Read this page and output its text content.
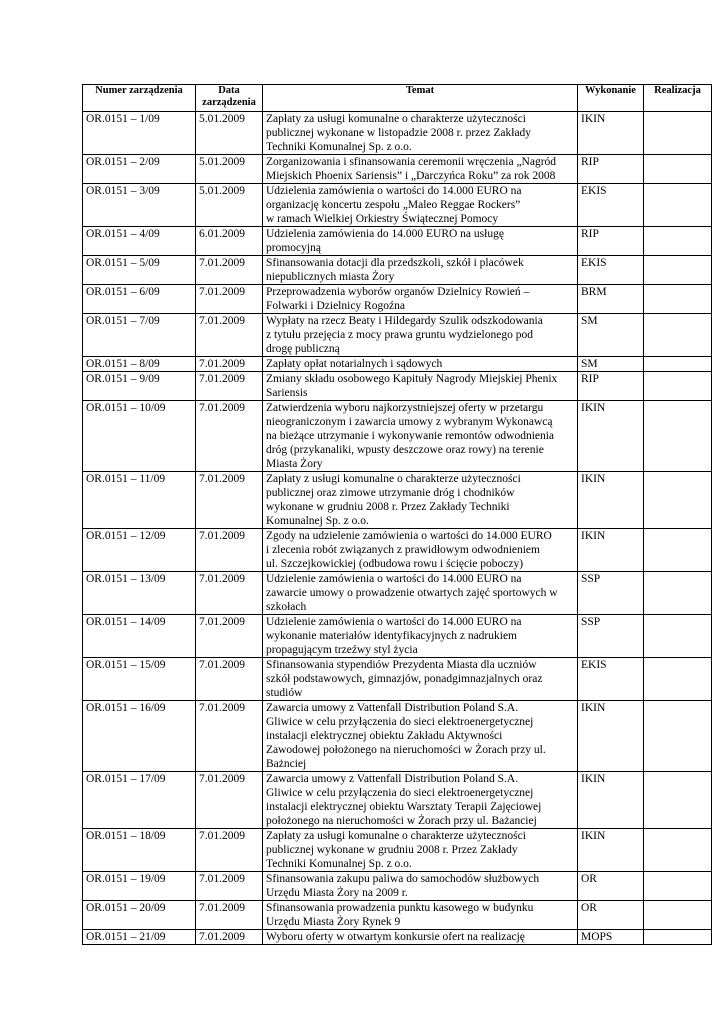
Numer zarządzenia	Data
zarządzenia	Temat	Wykonanie	Realizacja
OR.0151 – 1/09	5.01.2009	Zapłaty za usługi komunalne o charakterze użyteczności
publicznej wykonane w listopadzie 2008 r. przez Zakłady
Techniki Komunalnej Sp. z o.o.	IKIN	
OR.0151 – 2/09	5.01.2009	Zorganizowania i sfinansowania ceremonii wręczenia „Nagród
Miejskich Phoenix Sariensis” i „Darczyńca Roku” za rok 2008	RIP	
OR.0151 – 3/09	5.01.2009	Udzielenia zamówienia o wartości do 14.000 EURO na
organizację koncertu zespołu „Maleo Reggae Rockers”
w ramach Wielkiej Orkiestry Świątecznej Pomocy	EKIS	
OR.0151 – 4/09	6.01.2009	Udzielenia zamówienia do 14.000 EURO na usługę
promocyjną	RIP	
OR.0151 – 5/09	7.01.2009	Sfinansowania dotacji dla przedszkoli, szkół i placówek
niepublicznych miasta Żory	EKIS	
OR.0151 – 6/09	7.01.2009	Przeprowadzenia wyborów organów Dzielnicy Rowień –
Folwarki i Dzielnicy Rogoźna	BRM	
OR.0151 – 7/09	7.01.2009	Wypłaty na rzecz Beaty i Hildegardy Szulik odszkodowania
z tytułu przejęcia z mocy prawa gruntu wydzielonego pod
drogę publiczną	SM	
OR.0151 – 8/09	7.01.2009	Zapłaty opłat notarialnych i sądowych	SM	
OR.0151 – 9/09	7.01.2009	Zmiany składu osobowego Kapituły Nagrody Miejskiej Phenix
Sariensis	RIP	
OR.0151 – 10/09	7.01.2009	Zatwierdzenia wyboru najkorzystniejszej oferty w przetargu
nieograniczonym i zawarcia umowy z wybranym Wykonawcą
na bieżące utrzymanie i wykonywanie remontów odwodnienia
dróg (przykanaliki, wpusty deszczowe oraz rowy) na terenie
Miasta Żory	IKIN	
OR.0151 – 11/09	7.01.2009	Zapłaty z usługi komunalne o charakterze użyteczności
publicznej oraz zimowe utrzymanie dróg i chodników
wykonane w grudniu 2008 r. Przez Zakłady Techniki
Komunalnej Sp. z o.o.	IKIN	
OR.0151 – 12/09	7.01.2009	Zgody na udzielenie zamówienia o wartości do 14.000 EURO
i zlecenia robót związanych z prawidłowym odwodnieniem
ul. Szczejkowickiej (odbudowa rowu i ścięcie poboczy)	IKIN	
OR.0151 – 13/09	7.01.2009	Udzielenie zamówienia o wartości do 14.000 EURO na
zawarcie umowy o prowadzenie otwartych zajęć sportowych w
szkołach	SSP	
OR.0151 – 14/09	7.01.2009	Udzielenie zamówienia o wartości do 14.000 EURO na
wykonanie materiałów identyfikacyjnych z nadrukiem
propagującym trzeźwy styl życia	SSP	
OR.0151 – 15/09	7.01.2009	Sfinansowania stypendiów Prezydenta Miasta dla uczniów
szkół podstawowych, gimnazjów, ponadgimnazjalnych oraz
studiów	EKIS	
OR.0151 – 16/09	7.01.2009	Zawarcia umowy z Vattenfall Distribution Poland S.A.
Gliwice w celu przyłączenia do sieci elektroenergetycznej
instalacji elektrycznej obiektu Zakładu Aktywności
Zawodowej położonego na nieruchomości w Żorach przy ul.
Bażnciej	IKIN	
OR.0151 – 17/09	7.01.2009	Zawarcia umowy z Vattenfall Distribution Poland S.A.
Gliwice w celu przyłączenia do sieci elektroenergetycznej
instalacji elektrycznej obiektu Warsztaty Terapii Zajęciowej
położonego na nieruchomości w Żorach przy ul. Bażanciej	IKIN	
OR.0151 – 18/09	7.01.2009	Zapłaty za usługi komunalne o charakterze użyteczności
publicznej wykonane w grudniu 2008 r. Przez Zakłady
Techniki Komunalnej Sp. z o.o.	IKIN	
OR.0151 – 19/09	7.01.2009	Sfinansowania zakupu paliwa do samochodów służbowych
Urzędu Miasta Żory na 2009 r.	OR	
OR.0151 – 20/09	7.01.2009	Sfinansowania prowadzenia punktu kasowego w budynku
Urzędu Miasta Żory Rynek 9	OR	
OR.0151 – 21/09	7.01.2009	Wyboru oferty w otwartym konkursie ofert na realizację	MOPS	
